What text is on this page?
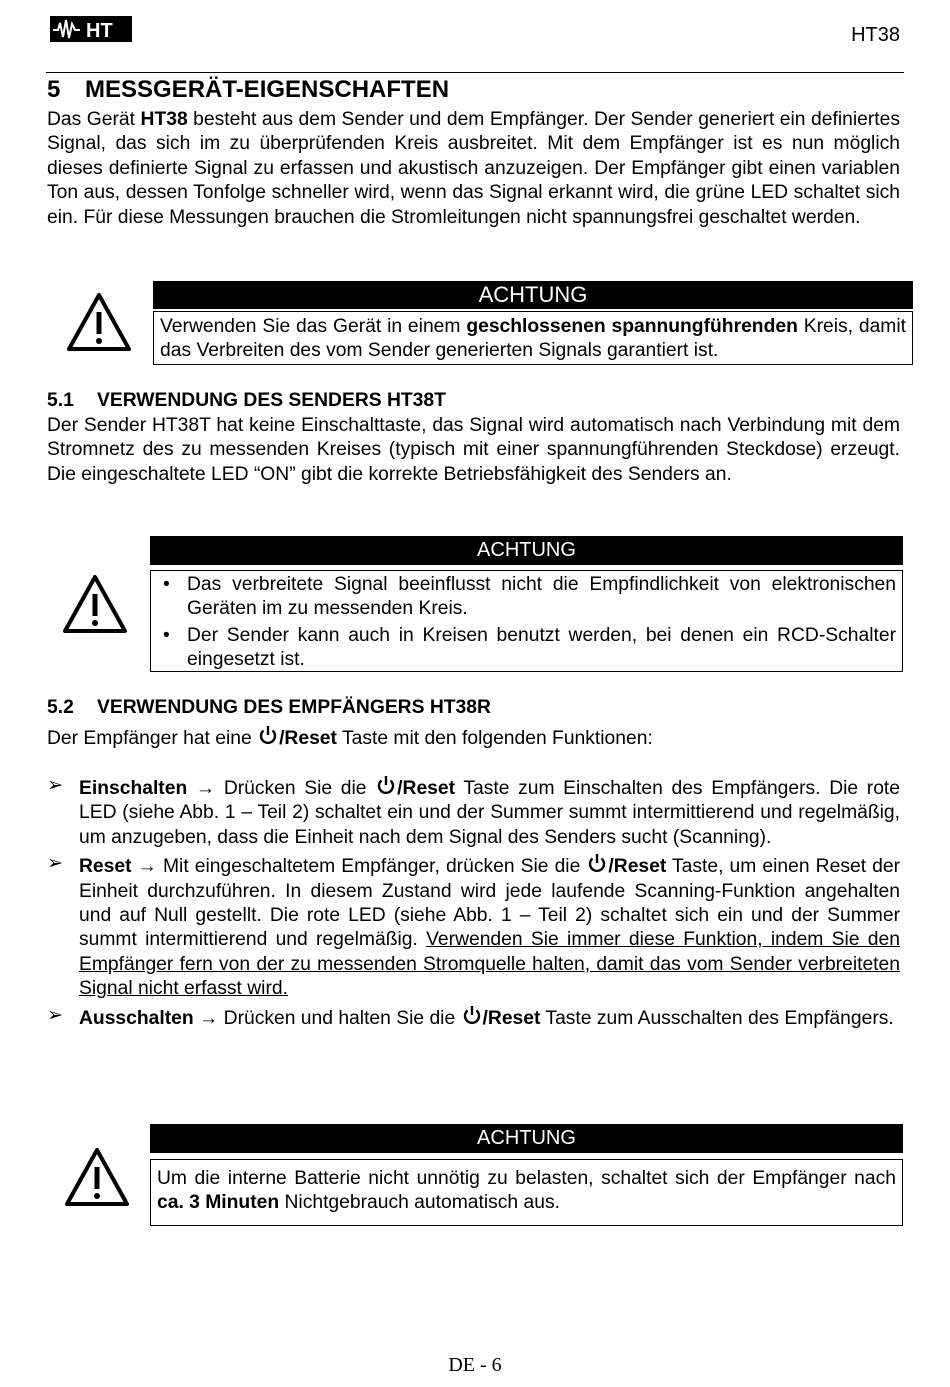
HT	HT38
5 MESSGERÄT-EIGENSCHAFTEN
Das Gerät HT38 besteht aus dem Sender und dem Empfänger. Der Sender generiert ein definiertes Signal, das sich im zu überprüfenden Kreis ausbreitet. Mit dem Empfänger ist es nun möglich dieses definierte Signal zu erfassen und akustisch anzuzeigen. Der Empfänger gibt einen variablen Ton aus, dessen Tonfolge schneller wird, wenn das Signal erkannt wird, die grüne LED schaltet sich ein. Für diese Messungen brauchen die Stromleitungen nicht spannungsfrei geschaltet werden.
ACHTUNG
Verwenden Sie das Gerät in einem geschlossenen spannungführenden Kreis, damit das Verbreiten des vom Sender generierten Signals garantiert ist.
5.1 VERWENDUNG DES SENDERS HT38T
Der Sender HT38T hat keine Einschalttaste, das Signal wird automatisch nach Verbindung mit dem Stromnetz des zu messenden Kreises (typisch mit einer spannungführenden Steckdose) erzeugt. Die eingeschaltete LED “ON” gibt die korrekte Betriebsfähigkeit des Senders an.
ACHTUNG
• Das verbreitete Signal beeinflusst nicht die Empfindlichkeit von elektronischen Geräten im zu messenden Kreis.
• Der Sender kann auch in Kreisen benutzt werden, bei denen ein RCD-Schalter eingesetzt ist.
5.2 VERWENDUNG DES EMPFÄNGERS HT38R
Der Empfänger hat eine /Reset Taste mit den folgenden Funktionen:
➢ Einschalten → Drücken Sie die /Reset Taste zum Einschalten des Empfängers. Die rote LED (siehe Abb. 1 – Teil 2) schaltet ein und der Summer summt intermittierend und regelmäßig, um anzugeben, dass die Einheit nach dem Signal des Senders sucht (Scanning).
➢ Reset → Mit eingeschaltetem Empfänger, drücken Sie die /Reset Taste, um einen Reset der Einheit durchzuführen. In diesem Zustand wird jede laufende Scanning-Funktion angehalten und auf Null gestellt. Die rote LED (siehe Abb. 1 – Teil 2) schaltet sich ein und der Summer summt intermittierend und regelmäßig. Verwenden Sie immer diese Funktion, indem Sie den Empfänger fern von der zu messenden Stromquelle halten, damit das vom Sender verbreiteten Signal nicht erfasst wird.
➢ Ausschalten → Drücken und halten Sie die /Reset Taste zum Ausschalten des Empfängers.
ACHTUNG
Um die interne Batterie nicht unnötig zu belasten, schaltet sich der Empfänger nach ca. 3 Minuten Nichtgebrauch automatisch aus.
DE - 6
